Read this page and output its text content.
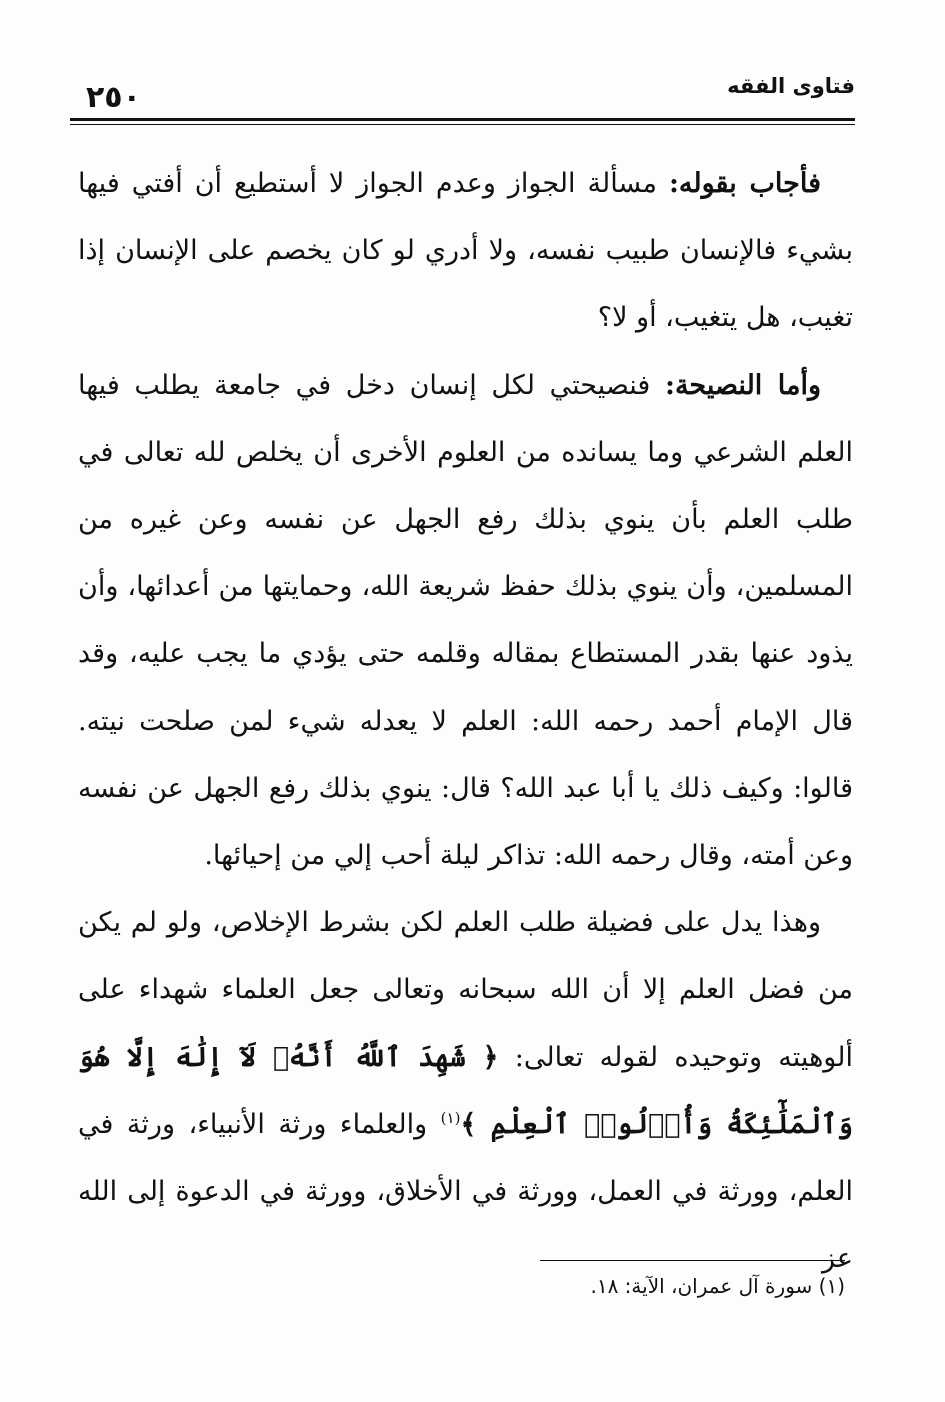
فتاوى الفقه
٢٥٠

فأجاب بقوله: مسألة الجواز وعدم الجواز لا أستطيع أن أفتي فيها بشيء فالإنسان طبيب نفسه، ولا أدري لو كان يخصم على الإنسان إذا تغيب، هل يتغيب، أو لا؟

وأما النصيحة: فنصيحتي لكل إنسان دخل في جامعة يطلب فيها العلم الشرعي وما يسانده من العلوم الأخرى أن يخلص لله تعالى في طلب العلم بأن ينوي بذلك رفع الجهل عن نفسه وعن غيره من المسلمين، وأن ينوي بذلك حفظ شريعة الله، وحمايتها من أعدائها، وأن يذود عنها بقدر المستطاع بمقاله وقلمه حتى يؤدي ما يجب عليه، وقد قال الإمام أحمد رحمه الله: العلم لا يعدله شيء لمن صلحت نيته. قالوا: وكيف ذلك يا أبا عبد الله؟ قال: ينوي بذلك رفع الجهل عن نفسه وعن أمته، وقال رحمه الله: تذاكر ليلة أحب إلي من إحيائها.

وهذا يدل على فضيلة طلب العلم لكن بشرط الإخلاص، ولو لم يكن من فضل العلم إلا أن الله سبحانه وتعالى جعل العلماء شهداء على ألوهيته وتوحيده لقوله تعالى: ﴿ شَهِدَ ٱللَّهُ أَنَّهُۥ لَآ إِلَٰهَ إِلَّا هُوَ وَٱلْمَلَٰٓئِكَةُ وَأُو۟لُوا۟ ٱلْعِلْمِ ﴾$^{(١)}$ والعلماء ورثة الأنبياء، ورثة في العلم، وورثة في العمل، وورثة في الأخلاق، وورثة في الدعوة إلى الله عز

(١) سورة آل عمران، الآية: ١٨.
